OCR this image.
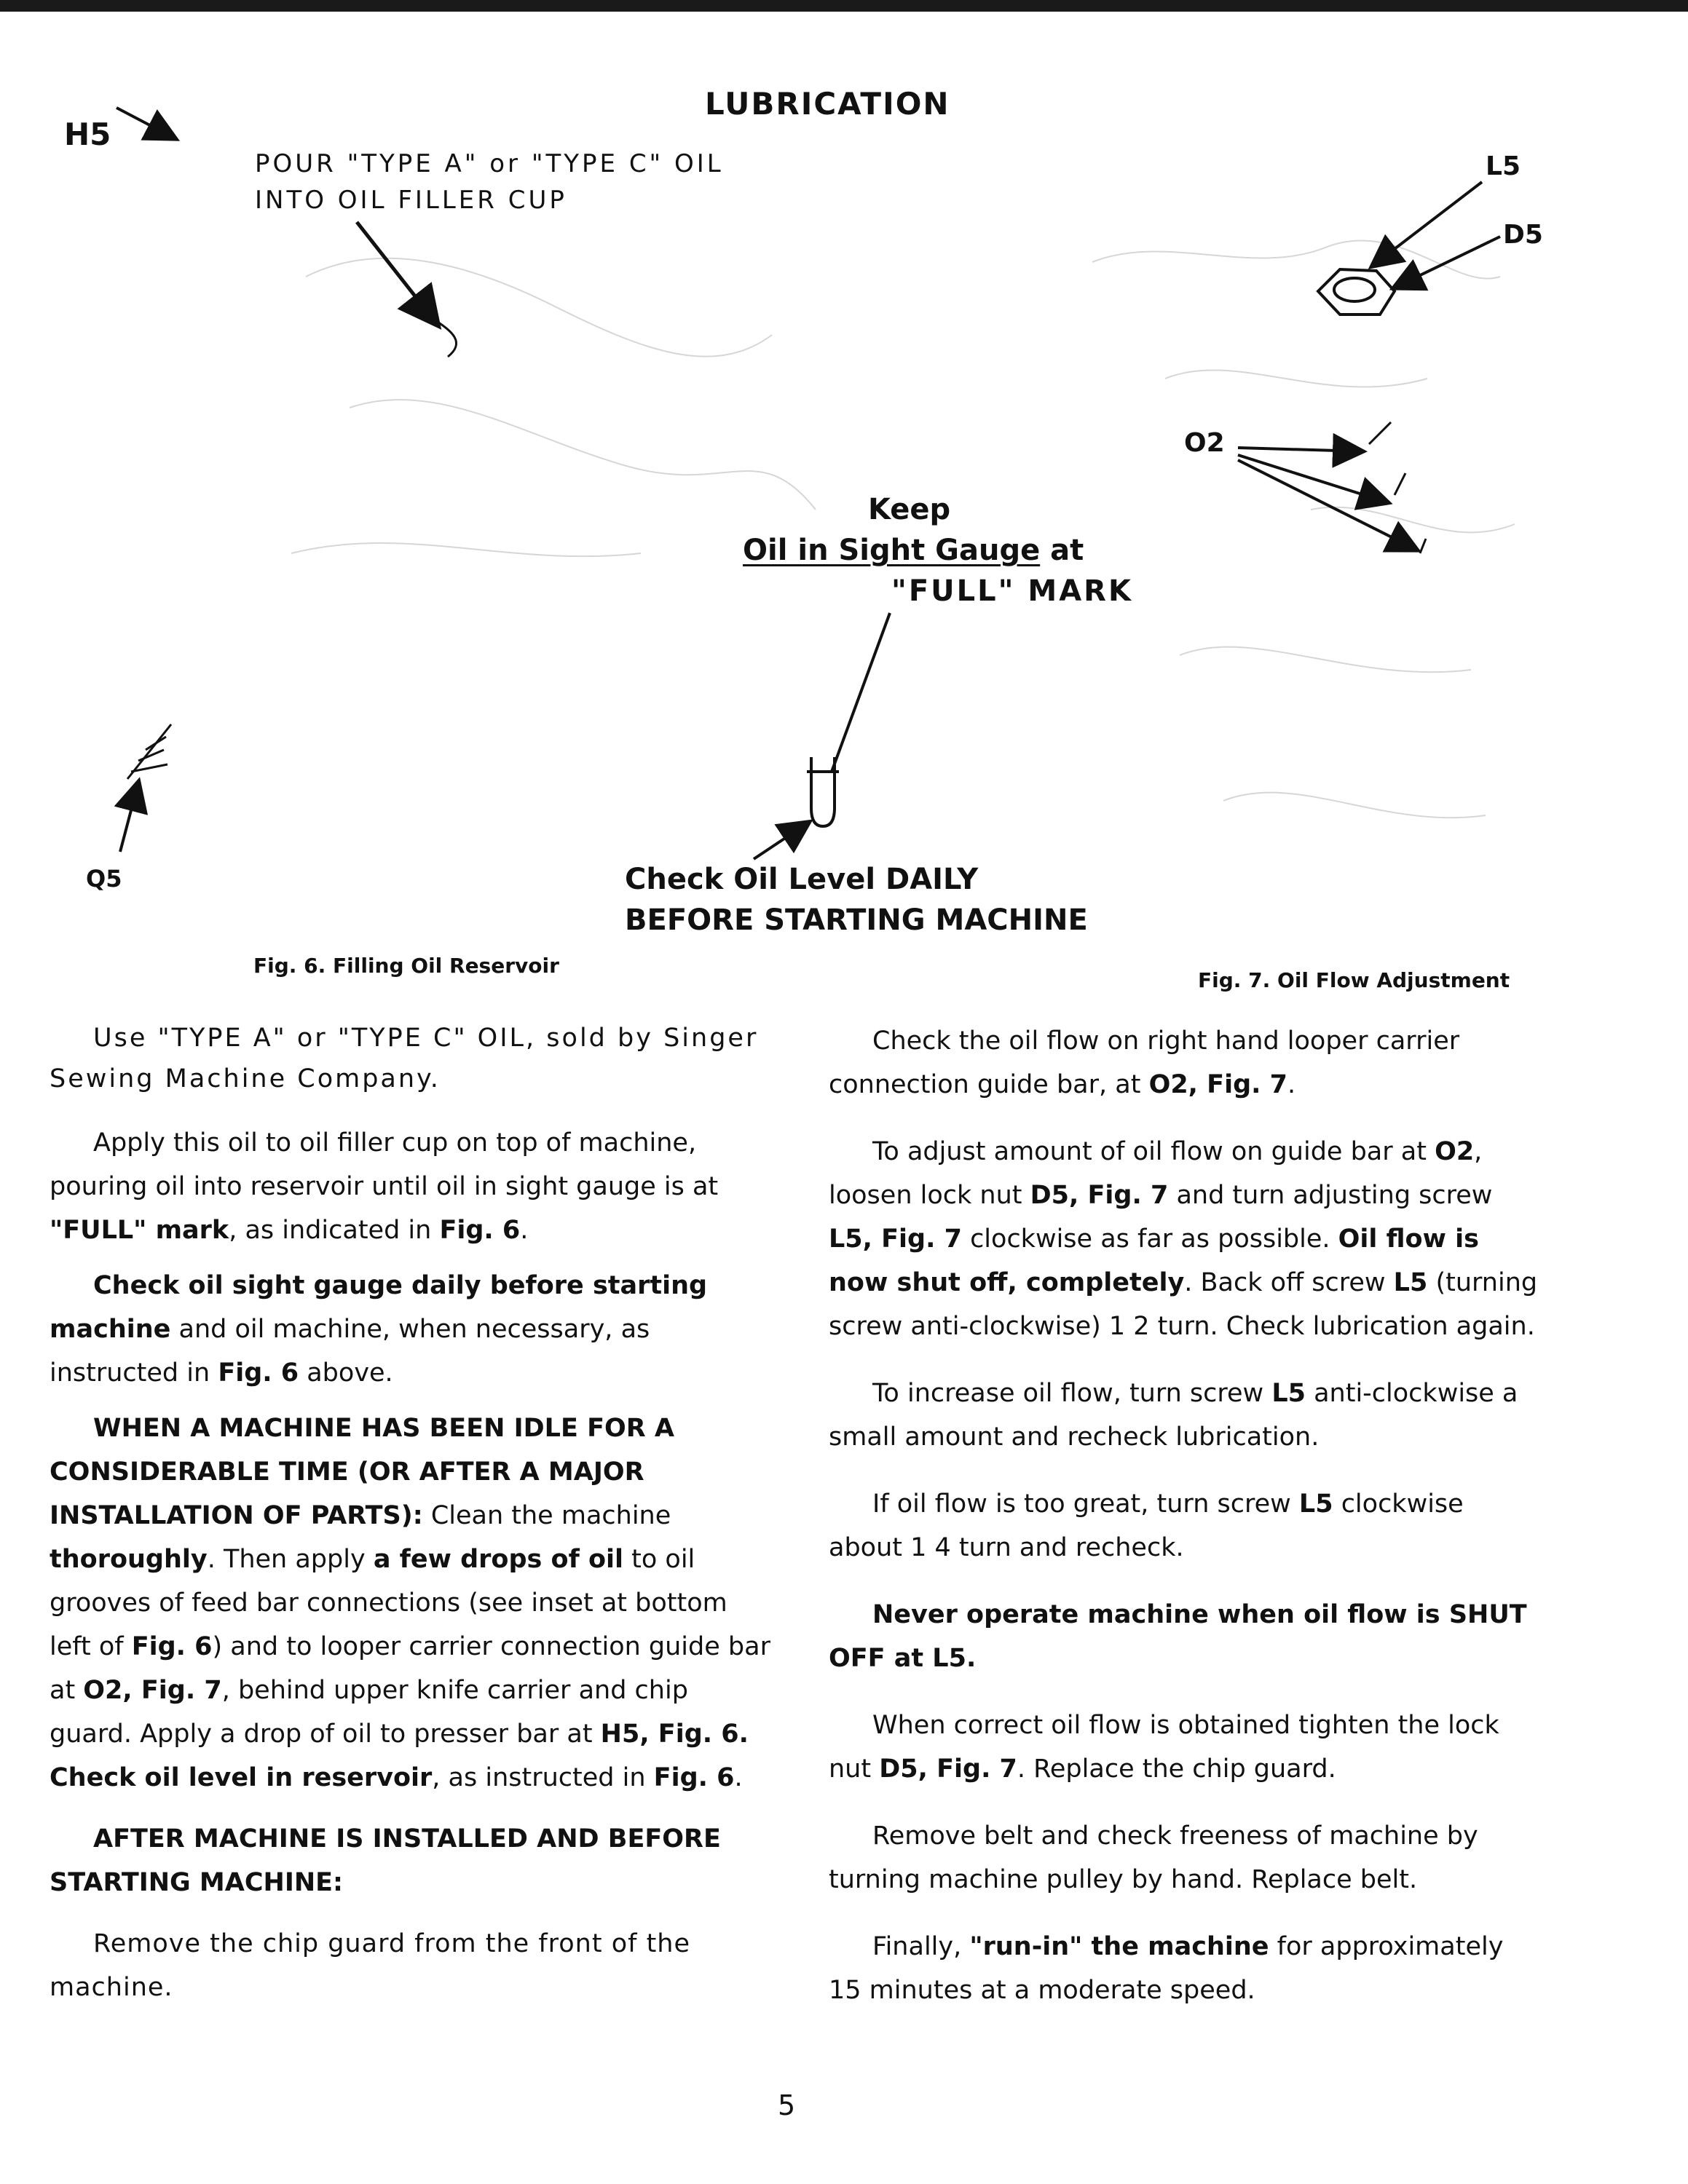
LUBRICATION
H5
POUR "TYPE A" or "TYPE C" OIL
INTO OIL FILLER CUP
Keep
Oil in Sight Gauge at
"FULL" MARK
Check Oil Level DAILY
BEFORE STARTING MACHINE
Q5
Fig. 6. Filling Oil Reservoir
L5
D5
O2
Fig. 7. Oil Flow Adjustment

Use "TYPE A" or "TYPE C" OIL, sold by Singer Sewing Machine Company.

Apply this oil to oil filler cup on top of machine, pouring oil into reservoir until oil in sight gauge is at "FULL" mark, as indicated in Fig. 6.

Check oil sight gauge daily before starting machine and oil machine, when necessary, as instructed in Fig. 6 above.

WHEN A MACHINE HAS BEEN IDLE FOR A CONSIDERABLE TIME (OR AFTER A MAJOR INSTALLATION OF PARTS): Clean the machine thoroughly. Then apply a few drops of oil to oil grooves of feed bar connections (see inset at bottom left of Fig. 6) and to looper carrier connection guide bar at O2, Fig. 7, behind upper knife carrier and chip guard. Apply a drop of oil to presser bar at H5, Fig. 6. Check oil level in reservoir, as instructed in Fig. 6.

AFTER MACHINE IS INSTALLED AND BEFORE STARTING MACHINE:

Remove the chip guard from the front of the machine.

Check the oil flow on right hand looper carrier connection guide bar, at O2, Fig. 7.

To adjust amount of oil flow on guide bar at O2, loosen lock nut D5, Fig. 7 and turn adjusting screw L5, Fig. 7 clockwise as far as possible. Oil flow is now shut off, completely. Back off screw L5 (turning screw anti-clockwise) 1 2 turn. Check lubrication again.

To increase oil flow, turn screw L5 anti-clockwise a small amount and recheck lubrication.

If oil flow is too great, turn screw L5 clockwise about 1 4 turn and recheck.

Never operate machine when oil flow is SHUT OFF at L5.

When correct oil flow is obtained tighten the lock nut D5, Fig. 7. Replace the chip guard.

Remove belt and check freeness of machine by turning machine pulley by hand. Replace belt.

Finally, "run-in" the machine for approximately 15 minutes at a moderate speed.

5
